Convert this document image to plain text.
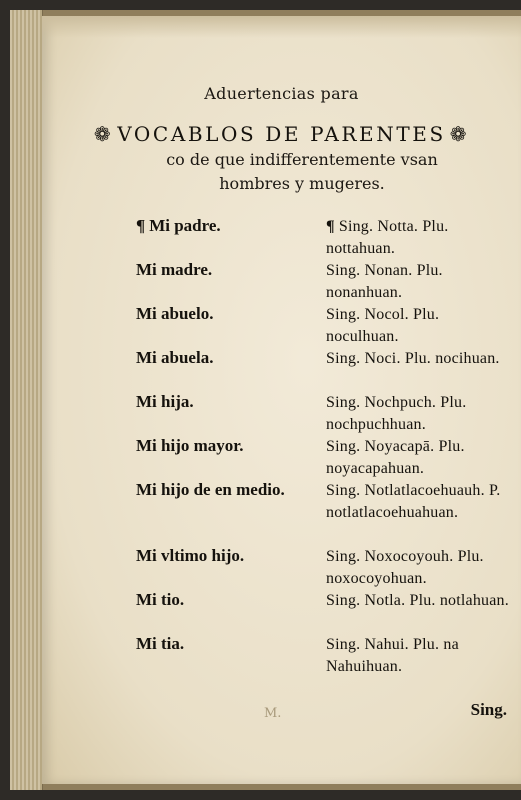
Aduertencias para
❁ VOCABLOS DE PARENTES ❁
co de que indifferentemente vsan hombres y mugeres.
¶ Mi padre.	¶ Sing. Notta. Plu. nottahuan.
Mi madre.	Sing. Nonan. Plu. nonanhuan.
Mi abuelo.	Sing. Nocol. Plu. noculhuan.
Mi abuela.	Sing. Noci. Plu. nocihuan.
Mi hija.	Sing. Nochpuch. Plu. nochpuchhuan.
Mi hijo mayor.	Sing. Noyacapā. Plu. noyacapahuan.
Mi hijo de en medio.	Sing. Notlatlacoehuauh. P. notlatlacoehuahuan.
Mi vltimo hijo.	Sing. Noxocoyouh. Plu. noxocoyohuan.
Mi tio.	Sing. Notla. Plu. notlahuan.
Mi tia.	Sing. Nahui. Plu. na Nahuihuan.
M.	Sing.
